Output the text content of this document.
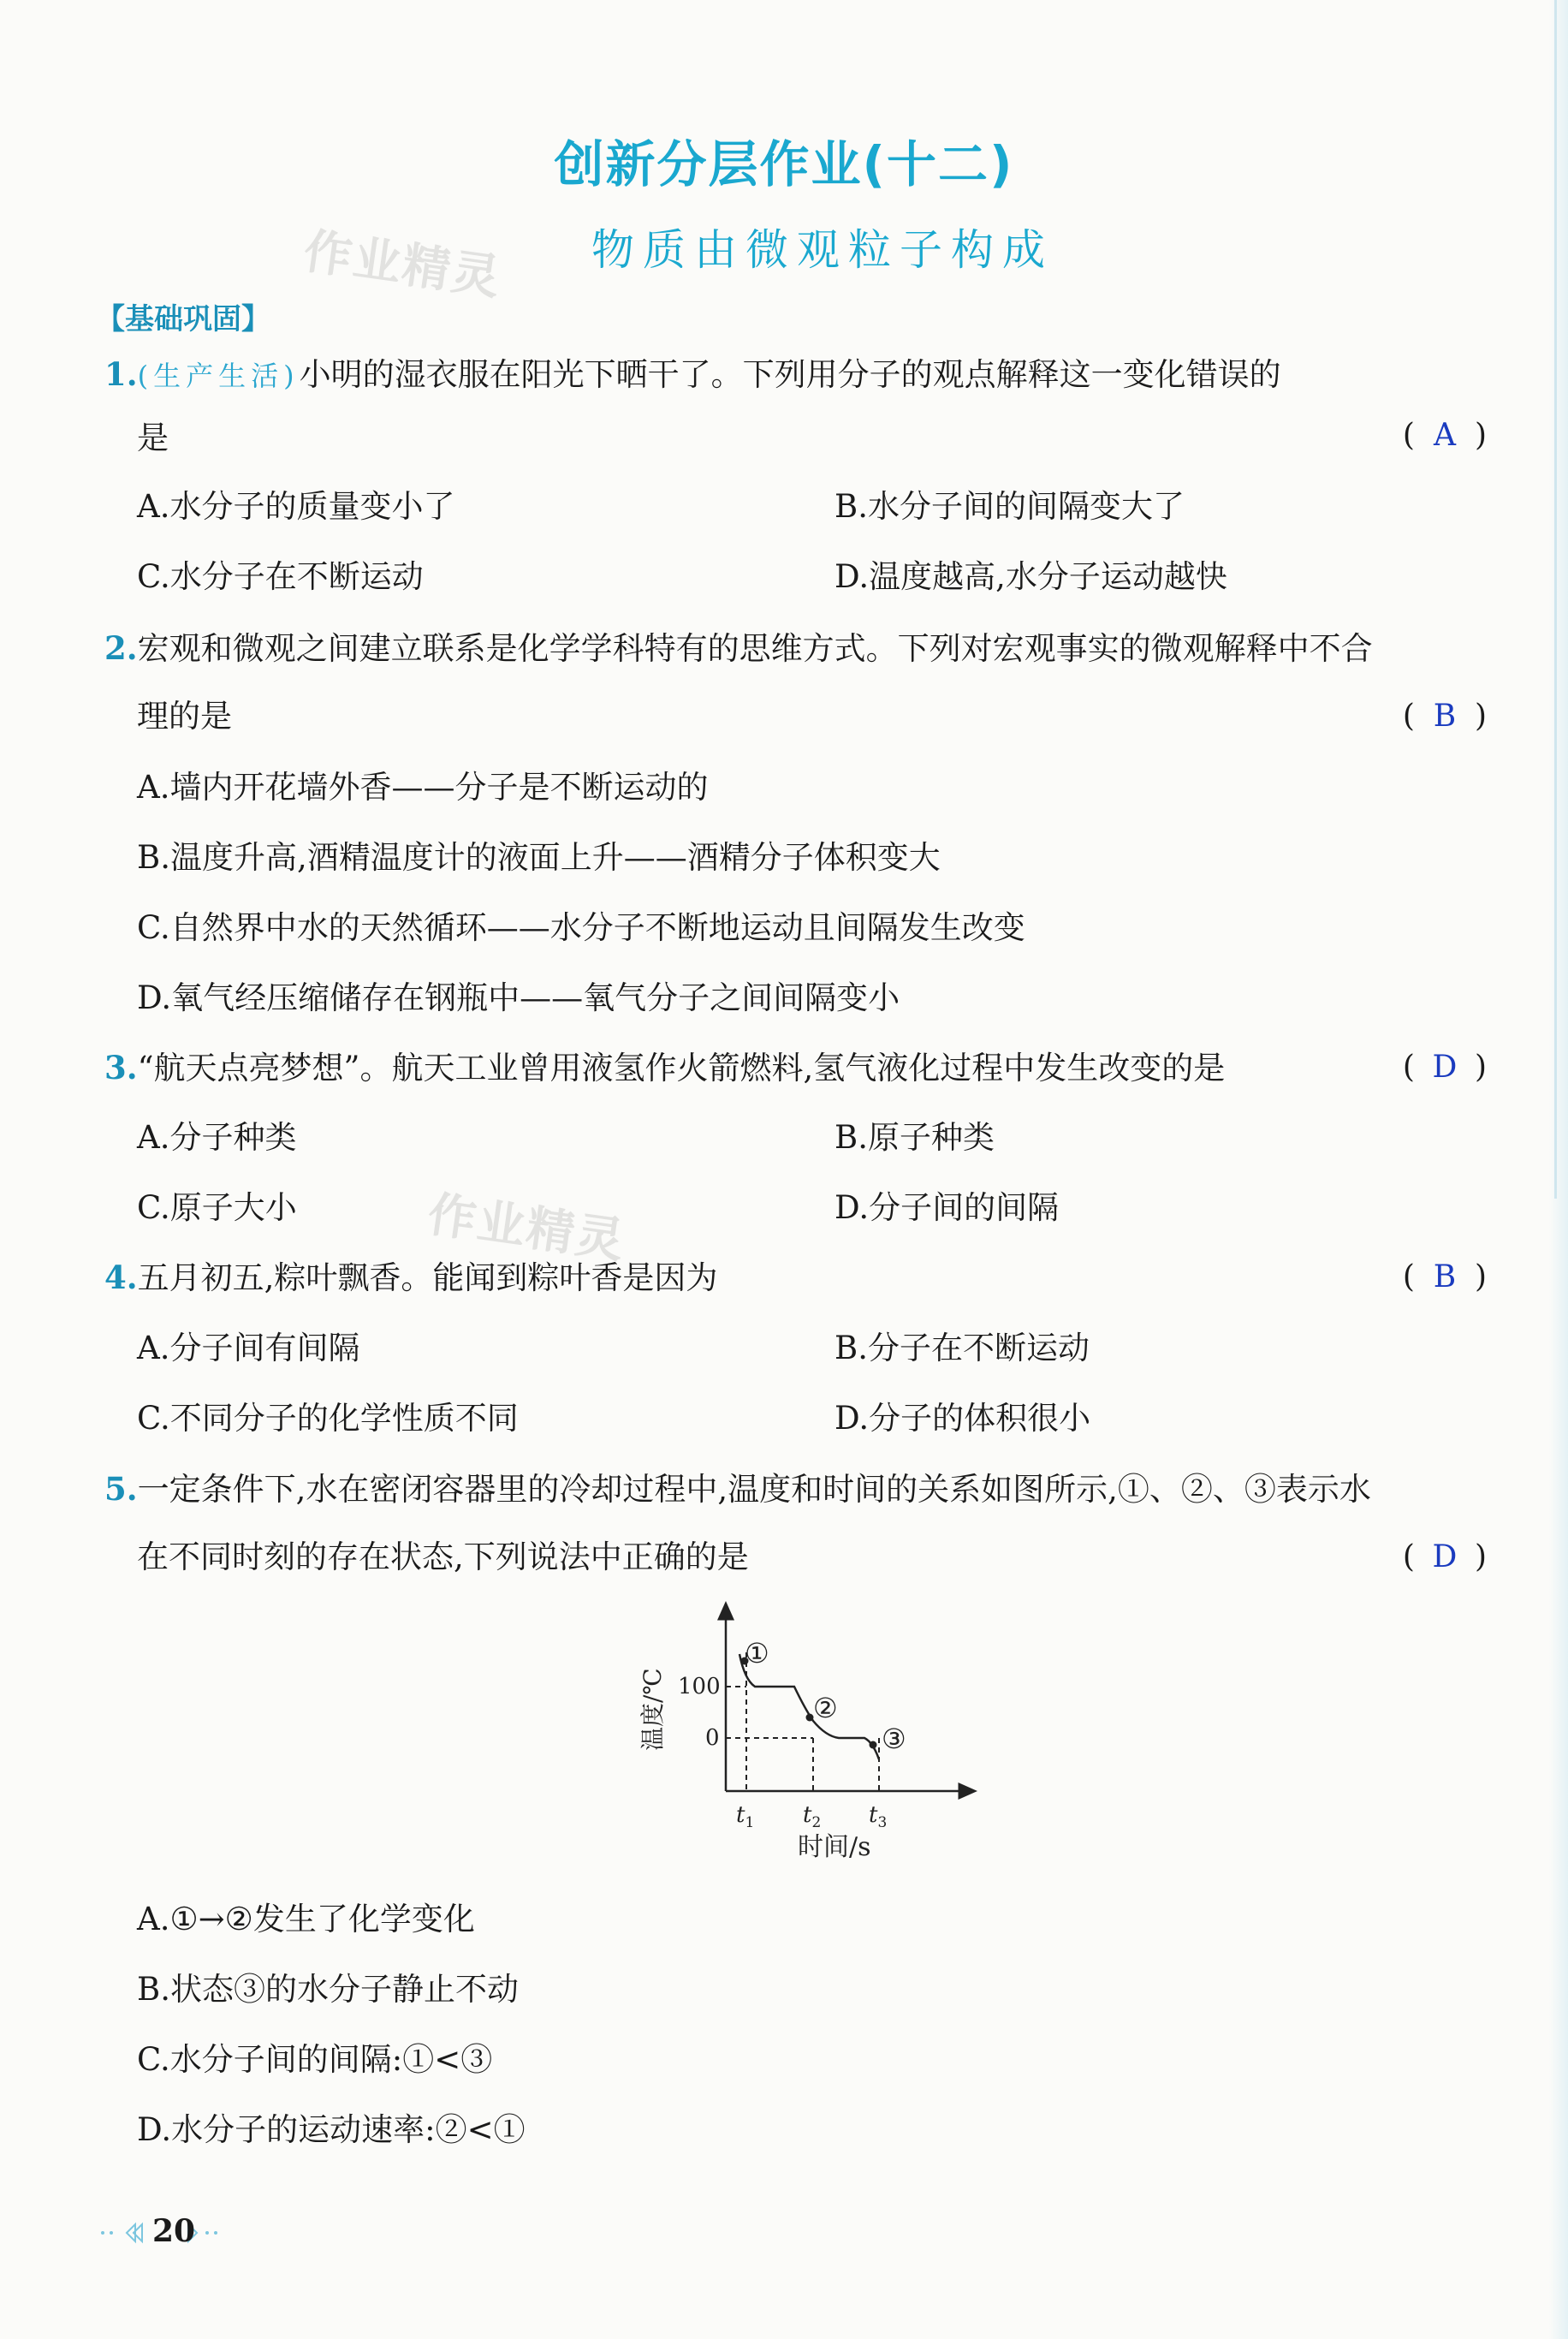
创新分层作业(十二)
物质由微观粒子构成
作业精灵
作业精灵
【基础巩固】
1.(生产生活)小明的湿衣服在阳光下晒干了。下列用分子的观点解释这一变化错误的
是	( A )
A.水分子的质量变小了	B.水分子间的间隔变大了
C.水分子在不断运动	D.温度越高,水分子运动越快
2.宏观和微观之间建立联系是化学学科特有的思维方式。下列对宏观事实的微观解释中不合
理的是	( B )
A.墙内开花墙外香——分子是不断运动的
B.温度升高,酒精温度计的液面上升——酒精分子体积变大
C.自然界中水的天然循环——水分子不断地运动且间隔发生改变
D.氧气经压缩储存在钢瓶中——氧气分子之间间隔变小
3.“航天点亮梦想”。航天工业曾用液氢作火箭燃料,氢气液化过程中发生改变的是	( D )
A.分子种类	B.原子种类
C.原子大小	D.分子间的间隔
4.五月初五,粽叶飘香。能闻到粽叶香是因为	( B )
A.分子间有间隔	B.分子在不断运动
C.不同分子的化学性质不同	D.分子的体积很小
5.一定条件下,水在密闭容器里的冷却过程中,温度和时间的关系如图所示,①、②、③表示水
在不同时刻的存在状态,下列说法中正确的是	( D )
温度/℃
时间/s
100
0
①
②
③
$t_1$ $t_2$ $t_3$
A.①→②发生了化学变化
B.状态③的水分子静止不动
C.水分子间的间隔:①<③
D.水分子的运动速率:②<①
20
